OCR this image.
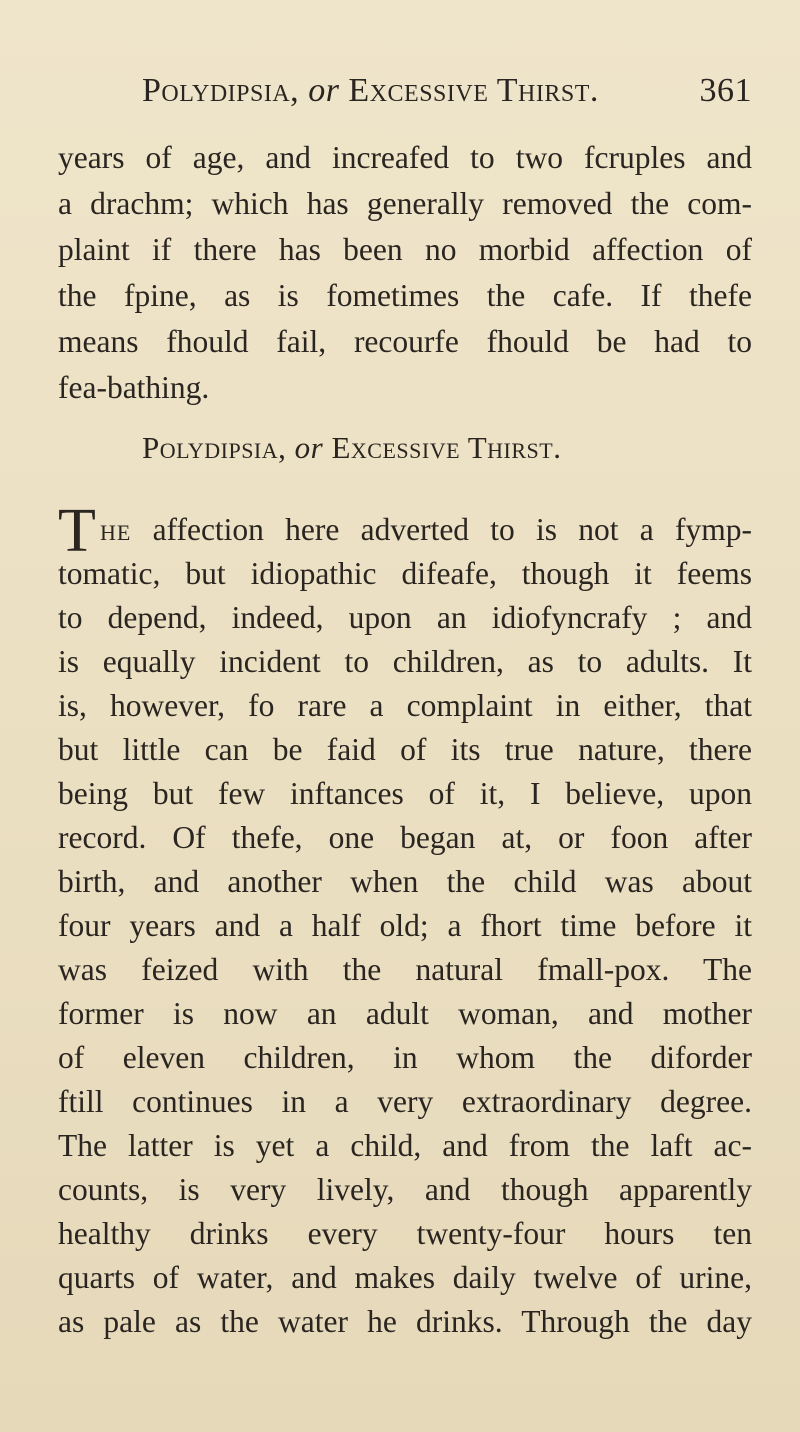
Polydipsia, or Excessive Thirst.	361
years of age, and increafed to two fcruples and
a drachm; which has generally removed the com-
plaint if there has been no morbid affection of
the fpine, as is fometimes the cafe. If thefe
means fhould fail, recourfe fhould be had to
fea-bathing.
Polydipsia, or Excessive Thirst.
T he affection here adverted to is not a fymp-
tomatic, but idiopathic difeafe, though it feems
to depend, indeed, upon an idiofyncrafy ; and
is equally incident to children, as to adults. It
is, however, fo rare a complaint in either, that
but little can be faid of its true nature, there
being but few inftances of it, I believe, upon
record. Of thefe, one began at, or foon after
birth, and another when the child was about
four years and a half old; a fhort time before it
was feized with the natural fmall-pox. The
former is now an adult woman, and mother
of eleven children, in whom the diforder
ftill continues in a very extraordinary degree.
The latter is yet a child, and from the laft ac-
counts, is very lively, and though apparently
healthy drinks every twenty-four hours ten
quarts of water, and makes daily twelve of urine,
as pale as the water he drinks. Through the day
